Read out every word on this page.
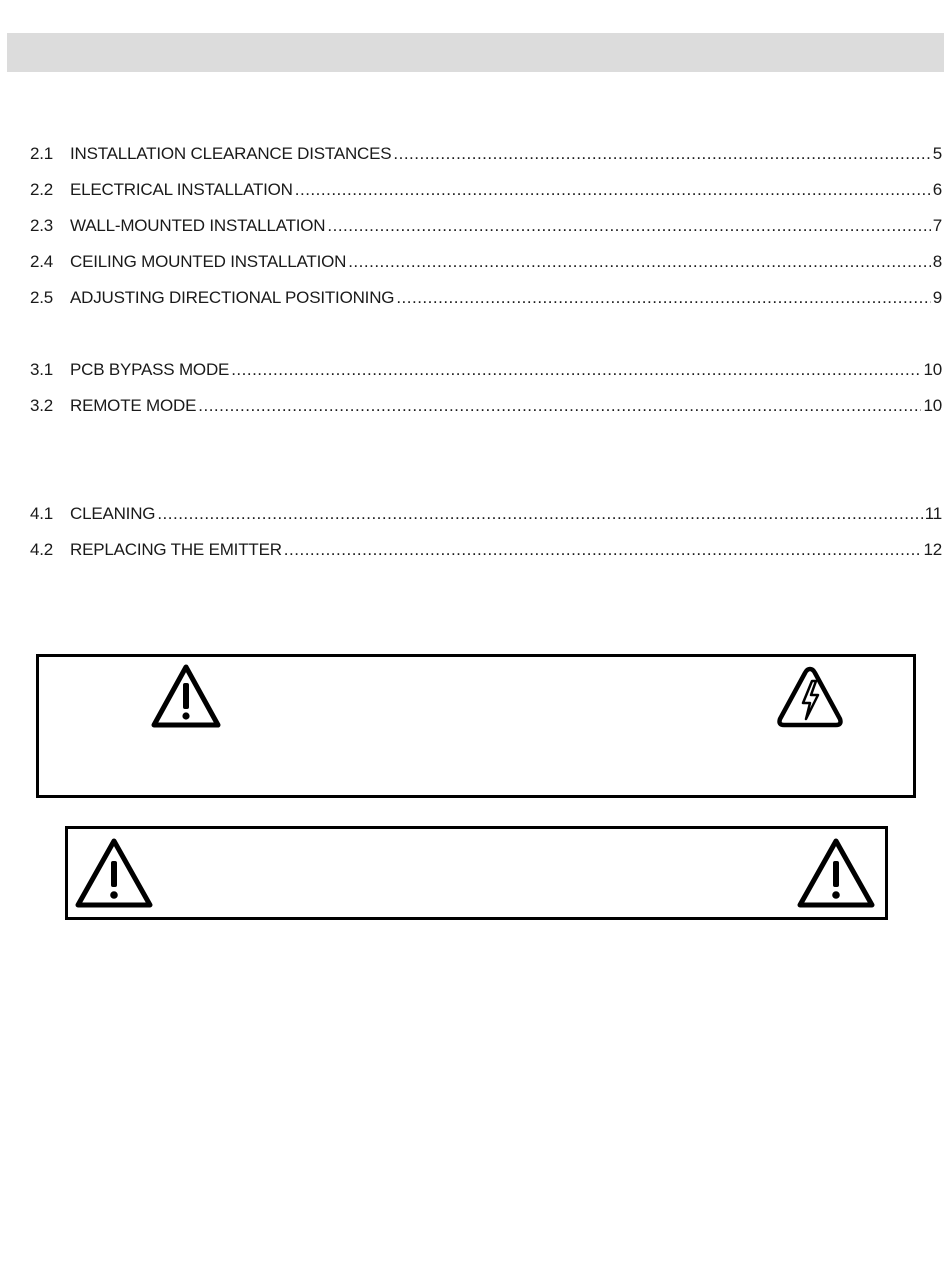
2.1 INSTALLATION CLEARANCE DISTANCES .....	5
2.2 ELECTRICAL INSTALLATION .....	6
2.3 WALL-MOUNTED INSTALLATION .....	7
2.4 CEILING MOUNTED INSTALLATION .....	8
2.5 ADJUSTING DIRECTIONAL POSITIONING .....	9
3.1 PCB BYPASS MODE .....	10
3.2 REMOTE MODE .....	10
4.1 CLEANING .....	11
4.2 REPLACING THE EMITTER .....	12
